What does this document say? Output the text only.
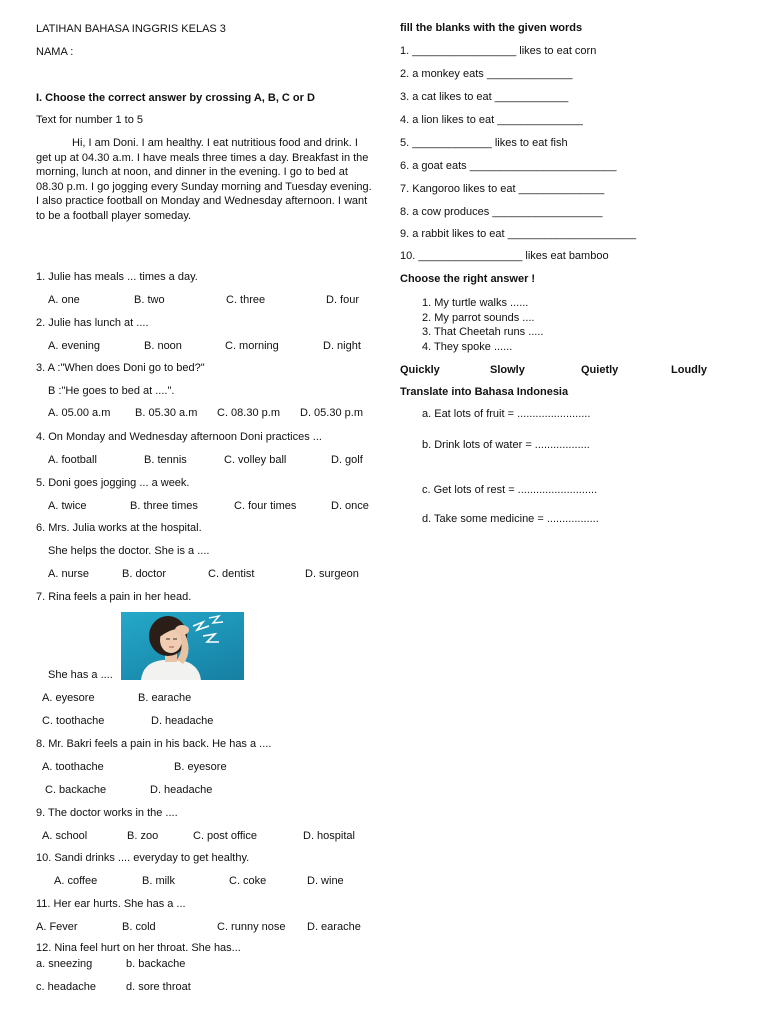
LATIHAN BAHASA INGGRIS KELAS 3
NAMA :
I. Choose the correct answer by crossing A, B, C or D
Text for number 1 to 5
Hi, I am Doni. I am healthy. I eat nutritious food and drink. I get up at 04.30 a.m. I have meals three times a day. Breakfast in the morning, lunch at noon, and dinner in the evening. I go to bed at 08.30 p.m. I go jogging every Sunday morning and Tuesday evening. I also practice football on Monday and Wednesday afternoon. I want to be a football player someday.
1. Julie has meals ... times a day.
A. one	B. two	C. three	D. four
2. Julie has lunch at ....
A. evening	B. noon	C. morning	D. night
3. A :"When does Doni go to bed?"
B :"He goes to bed at ....".
A. 05.00 a.m B. 05.30 a.m C. 08.30 p.m D. 05.30 p.m
4. On Monday and Wednesday afternoon Doni practices ...
A. football	B. tennis	C. volley ball	D. golf
5. Doni goes jogging ... a week.
A. twice	B. three times	C. four times	D. once
6. Mrs. Julia works at the hospital.
She helps the doctor. She is a ....
A. nurse	B. doctor	C. dentist	D. surgeon
7. Rina feels a pain in her head.
She has a ....
A. eyesore	B. earache
C. toothache	D. headache
8. Mr. Bakri feels a pain in his back. He has a ....
A. toothache	B. eyesore
C. backache	D. headache
9. The doctor works in the ....
A. school	B. zoo	C. post office	D. hospital
10. Sandi drinks .... everyday to get healthy.
A. coffee	B. milk	C. coke	D. wine
11. Her ear hurts. She has a ...
A. Fever	B. cold	C. runny nose D. earache
12. Nina feel hurt on her throat. She has...
a. sneezing	b. backache
c. headache	d. sore throat
fill the blanks with the given words
1. _________________ likes to eat corn
2. a monkey eats ______________
3. a cat likes to eat ____________
4. a lion likes to eat ______________
5. _____________ likes to eat fish
6. a goat eats ________________________
7. Kangoroo likes to eat ______________
8. a cow produces __________________
9. a rabbit likes to eat _____________________
10. _________________ likes eat bamboo
Choose the right answer !
1. My turtle walks ......
2. My parrot sounds ....
3. That Cheetah runs .....
4. They spoke ......
Quickly	Slowly	Quietly	Loudly
Translate into Bahasa Indonesia
a. Eat lots of fruit = ........................
b. Drink lots of water = ..................
c. Get lots of rest = ..........................
d. Take some medicine = .................
